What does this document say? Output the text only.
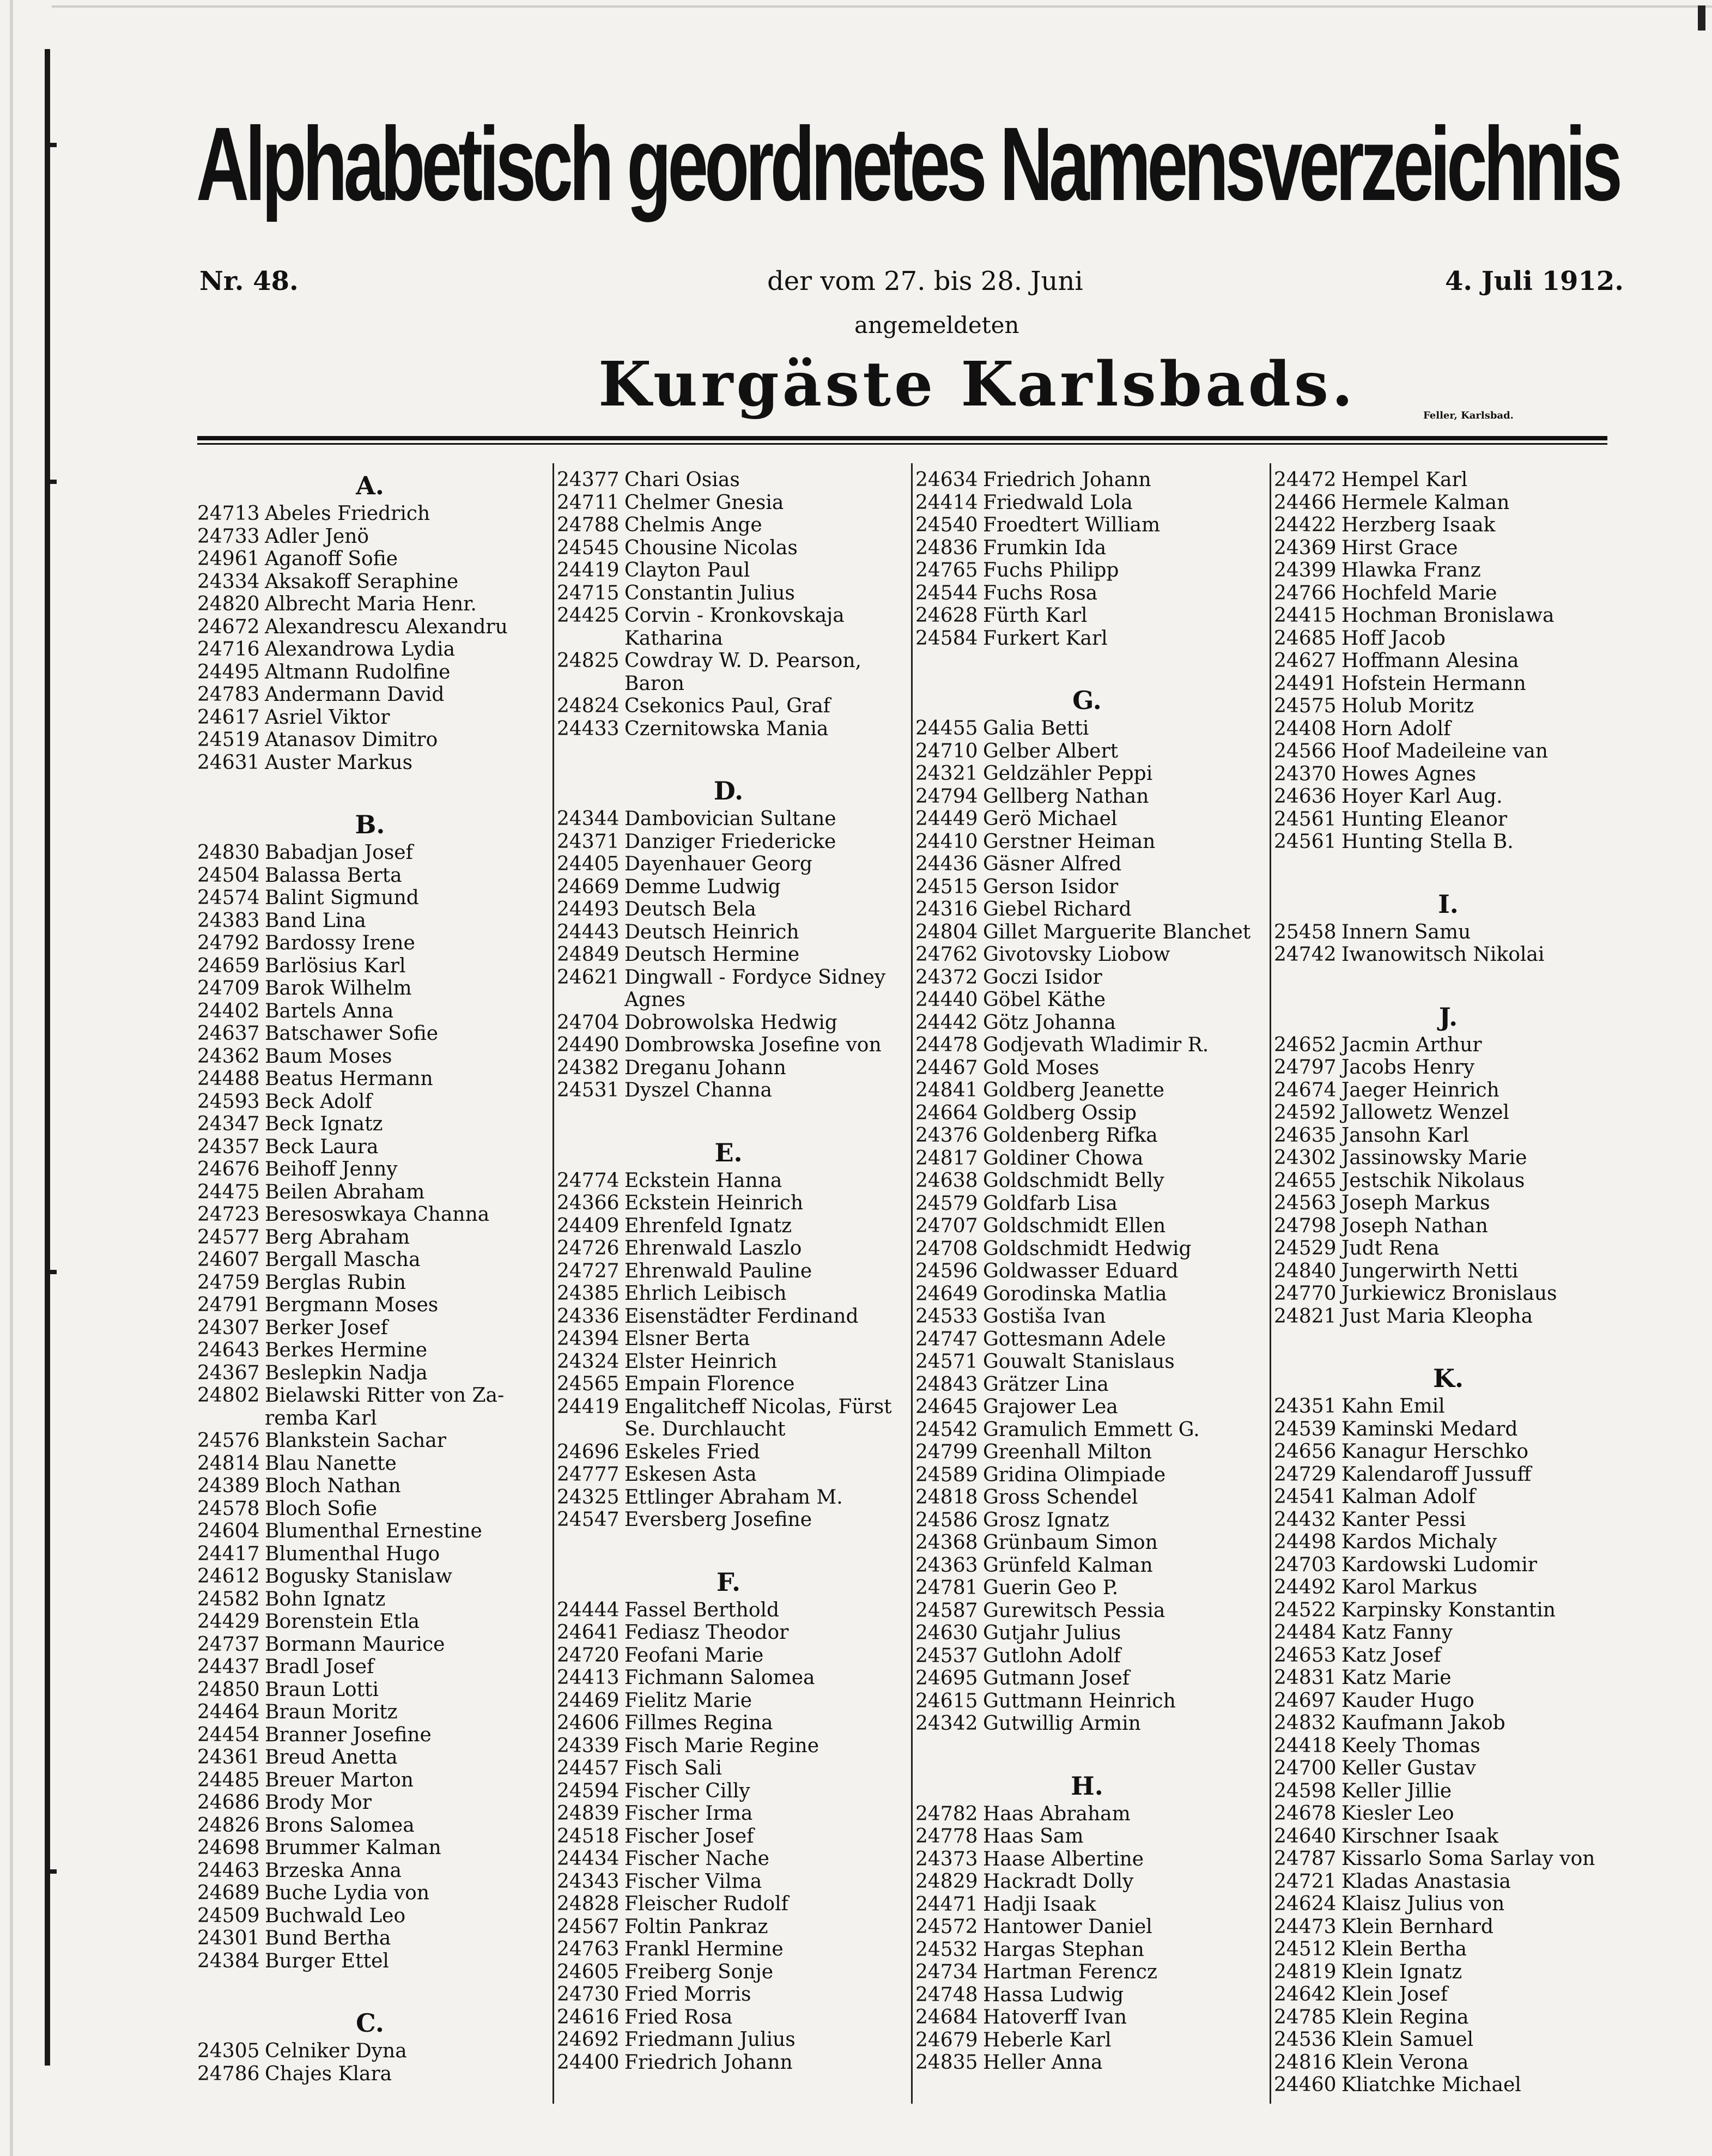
Alphabetisch geordnetes Namensverzeichnis
Nr. 48.	der vom 27. bis 28. Juni	4. Juli 1912.
angemeldeten
Kurgäste Karlsbads.	Feller, Karlsbad.
A.
24713 Abeles Friedrich
24733 Adler Jenö
24961 Aganoff Sofie
24334 Aksakoff Seraphine
24820 Albrecht Maria Henr.
24672 Alexandrescu Alexandru
24716 Alexandrowa Lydia
24495 Altmann Rudolfine
24783 Andermann David
24617 Asriel Viktor
24519 Atanasov Dimitro
24631 Auster Markus
B.
24830 Babadjan Josef
24504 Balassa Berta
24574 Balint Sigmund
24383 Band Lina
24792 Bardossy Irene
24659 Barlösius Karl
24709 Barok Wilhelm
24402 Bartels Anna
24637 Batschawer Sofie
24362 Baum Moses
24488 Beatus Hermann
24593 Beck Adolf
24347 Beck Ignatz
24357 Beck Laura
24676 Beihoff Jenny
24475 Beilen Abraham
24723 Beresoswkaya Channa
24577 Berg Abraham
24607 Bergall Mascha
24759 Berglas Rubin
24791 Bergmann Moses
24307 Berker Josef
24643 Berkes Hermine
24367 Beslepkin Nadja
24802 Bielawski Ritter von Za-
remba Karl
24576 Blankstein Sachar
24814 Blau Nanette
24389 Bloch Nathan
24578 Bloch Sofie
24604 Blumenthal Ernestine
24417 Blumenthal Hugo
24612 Bogusky Stanislaw
24582 Bohn Ignatz
24429 Borenstein Etla
24737 Bormann Maurice
24437 Bradl Josef
24850 Braun Lotti
24464 Braun Moritz
24454 Branner Josefine
24361 Breud Anetta
24485 Breuer Marton
24686 Brody Mor
24826 Brons Salomea
24698 Brummer Kalman
24463 Brzeska Anna
24689 Buche Lydia von
24509 Buchwald Leo
24301 Bund Bertha
24384 Burger Ettel
C.
24305 Celniker Dyna
24786 Chajes Klara
24377 Chari Osias
24711 Chelmer Gnesia
24788 Chelmis Ange
24545 Chousine Nicolas
24419 Clayton Paul
24715 Constantin Julius
24425 Corvin - Kronkovskaja
Katharina
24825 Cowdray W. D. Pearson,
Baron
24824 Csekonics Paul, Graf
24433 Czernitowska Mania
D.
24344 Dambovician Sultane
24371 Danziger Friedericke
24405 Dayenhauer Georg
24669 Demme Ludwig
24493 Deutsch Bela
24443 Deutsch Heinrich
24849 Deutsch Hermine
24621 Dingwall - Fordyce Sidney
Agnes
24704 Dobrowolska Hedwig
24490 Dombrowska Josefine von
24382 Dreganu Johann
24531 Dyszel Channa
E.
24774 Eckstein Hanna
24366 Eckstein Heinrich
24409 Ehrenfeld Ignatz
24726 Ehrenwald Laszlo
24727 Ehrenwald Pauline
24385 Ehrlich Leibisch
24336 Eisenstädter Ferdinand
24394 Elsner Berta
24324 Elster Heinrich
24565 Empain Florence
24419 Engalitcheff Nicolas, Fürst
Se. Durchlaucht
24696 Eskeles Fried
24777 Eskesen Asta
24325 Ettlinger Abraham M.
24547 Eversberg Josefine
F.
24444 Fassel Berthold
24641 Fediasz Theodor
24720 Feofani Marie
24413 Fichmann Salomea
24469 Fielitz Marie
24606 Fillmes Regina
24339 Fisch Marie Regine
24457 Fisch Sali
24594 Fischer Cilly
24839 Fischer Irma
24518 Fischer Josef
24434 Fischer Nache
24343 Fischer Vilma
24828 Fleischer Rudolf
24567 Foltin Pankraz
24763 Frankl Hermine
24605 Freiberg Sonje
24730 Fried Morris
24616 Fried Rosa
24692 Friedmann Julius
24400 Friedrich Johann
24634 Friedrich Johann
24414 Friedwald Lola
24540 Froedtert William
24836 Frumkin Ida
24765 Fuchs Philipp
24544 Fuchs Rosa
24628 Fürth Karl
24584 Furkert Karl
G.
24455 Galia Betti
24710 Gelber Albert
24321 Geldzähler Peppi
24794 Gellberg Nathan
24449 Gerö Michael
24410 Gerstner Heiman
24436 Gäsner Alfred
24515 Gerson Isidor
24316 Giebel Richard
24804 Gillet Marguerite Blanchet
24762 Givotovsky Liobow
24372 Goczi Isidor
24440 Göbel Käthe
24442 Götz Johanna
24478 Godjevath Wladimir R.
24467 Gold Moses
24841 Goldberg Jeanette
24664 Goldberg Ossip
24376 Goldenberg Rifka
24817 Goldiner Chowa
24638 Goldschmidt Belly
24579 Goldfarb Lisa
24707 Goldschmidt Ellen
24708 Goldschmidt Hedwig
24596 Goldwasser Eduard
24649 Gorodinska Matlia
24533 Gostiša Ivan
24747 Gottesmann Adele
24571 Gouwalt Stanislaus
24843 Grätzer Lina
24645 Grajower Lea
24542 Gramulich Emmett G.
24799 Greenhall Milton
24589 Gridina Olimpiade
24818 Gross Schendel
24586 Grosz Ignatz
24368 Grünbaum Simon
24363 Grünfeld Kalman
24781 Guerin Geo P.
24587 Gurewitsch Pessia
24630 Gutjahr Julius
24537 Gutlohn Adolf
24695 Gutmann Josef
24615 Guttmann Heinrich
24342 Gutwillig Armin
H.
24782 Haas Abraham
24778 Haas Sam
24373 Haase Albertine
24829 Hackradt Dolly
24471 Hadji Isaak
24572 Hantower Daniel
24532 Hargas Stephan
24734 Hartman Ferencz
24748 Hassa Ludwig
24684 Hatoverff Ivan
24679 Heberle Karl
24835 Heller Anna
24472 Hempel Karl
24466 Hermele Kalman
24422 Herzberg Isaak
24369 Hirst Grace
24399 Hlawka Franz
24766 Hochfeld Marie
24415 Hochman Bronislawa
24685 Hoff Jacob
24627 Hoffmann Alesina
24491 Hofstein Hermann
24575 Holub Moritz
24408 Horn Adolf
24566 Hoof Madeileine van
24370 Howes Agnes
24636 Hoyer Karl Aug.
24561 Hunting Eleanor
24561 Hunting Stella B.
I.
25458 Innern Samu
24742 Iwanowitsch Nikolai
J.
24652 Jacmin Arthur
24797 Jacobs Henry
24674 Jaeger Heinrich
24592 Jallowetz Wenzel
24635 Jansohn Karl
24302 Jassinowsky Marie
24655 Jestschik Nikolaus
24563 Joseph Markus
24798 Joseph Nathan
24529 Judt Rena
24840 Jungerwirth Netti
24770 Jurkiewicz Bronislaus
24821 Just Maria Kleopha
K.
24351 Kahn Emil
24539 Kaminski Medard
24656 Kanagur Herschko
24729 Kalendaroff Jussuff
24541 Kalman Adolf
24432 Kanter Pessi
24498 Kardos Michaly
24703 Kardowski Ludomir
24492 Karol Markus
24522 Karpinsky Konstantin
24484 Katz Fanny
24653 Katz Josef
24831 Katz Marie
24697 Kauder Hugo
24832 Kaufmann Jakob
24418 Keely Thomas
24700 Keller Gustav
24598 Keller Jillie
24678 Kiesler Leo
24640 Kirschner Isaak
24787 Kissarlo Soma Sarlay von
24721 Kladas Anastasia
24624 Klaisz Julius von
24473 Klein Bernhard
24512 Klein Bertha
24819 Klein Ignatz
24642 Klein Josef
24785 Klein Regina
24536 Klein Samuel
24816 Klein Verona
24460 Kliatchke Michael
